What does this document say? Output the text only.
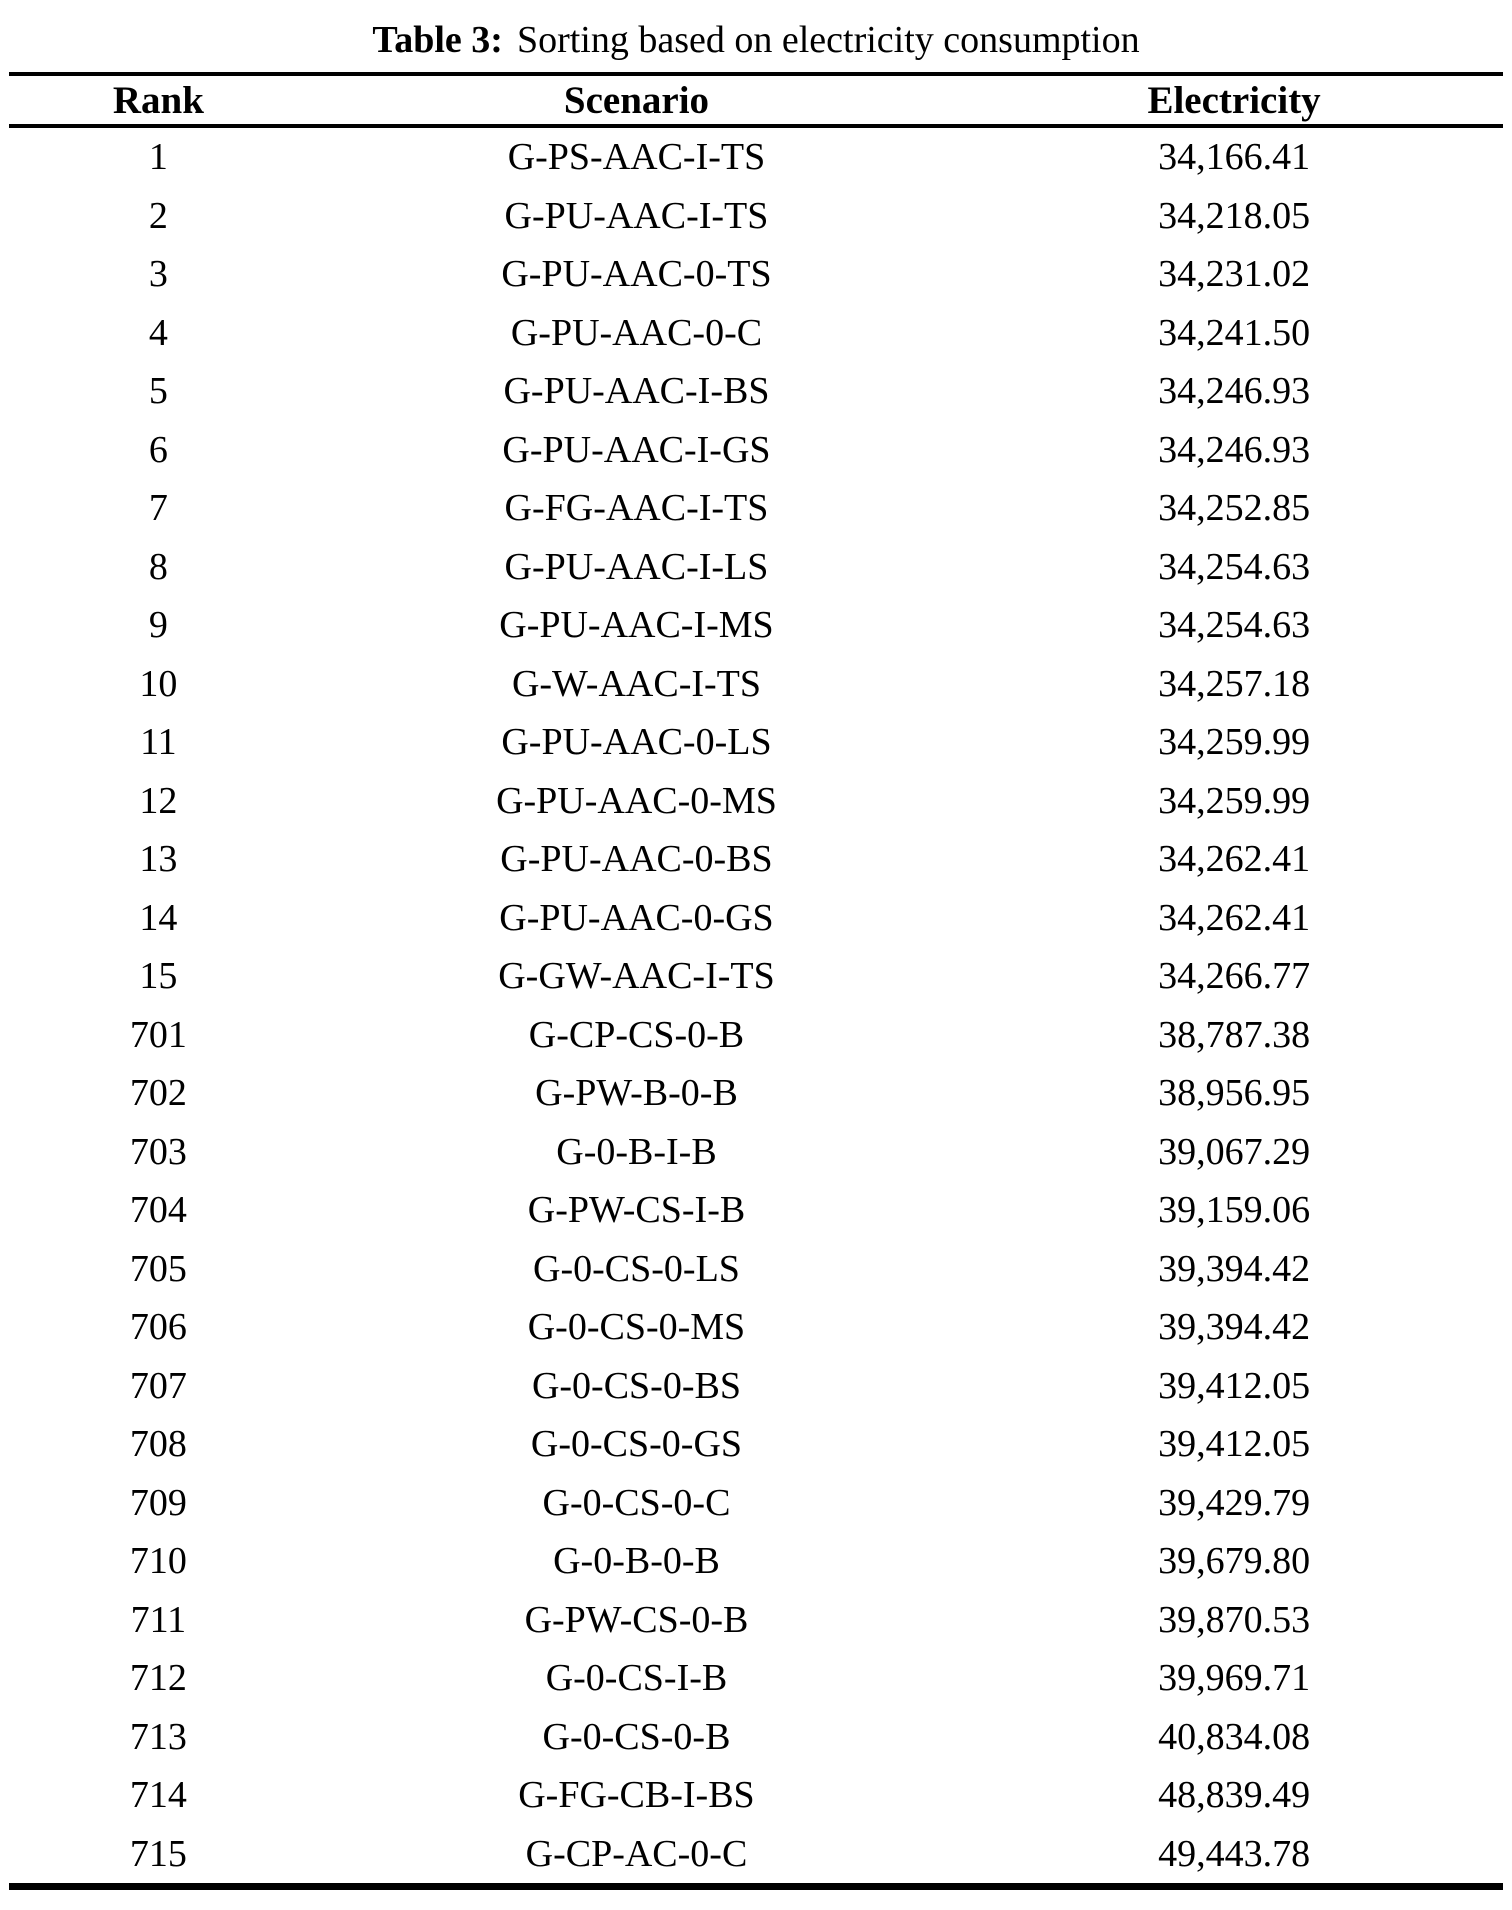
Table 3: Sorting based on electricity consumption
Rank	Scenario	Electricity
1	G-PS-AAC-I-TS	34,166.41
2	G-PU-AAC-I-TS	34,218.05
3	G-PU-AAC-0-TS	34,231.02
4	G-PU-AAC-0-C	34,241.50
5	G-PU-AAC-I-BS	34,246.93
6	G-PU-AAC-I-GS	34,246.93
7	G-FG-AAC-I-TS	34,252.85
8	G-PU-AAC-I-LS	34,254.63
9	G-PU-AAC-I-MS	34,254.63
10	G-W-AAC-I-TS	34,257.18
11	G-PU-AAC-0-LS	34,259.99
12	G-PU-AAC-0-MS	34,259.99
13	G-PU-AAC-0-BS	34,262.41
14	G-PU-AAC-0-GS	34,262.41
15	G-GW-AAC-I-TS	34,266.77
701	G-CP-CS-0-B	38,787.38
702	G-PW-B-0-B	38,956.95
703	G-0-B-I-B	39,067.29
704	G-PW-CS-I-B	39,159.06
705	G-0-CS-0-LS	39,394.42
706	G-0-CS-0-MS	39,394.42
707	G-0-CS-0-BS	39,412.05
708	G-0-CS-0-GS	39,412.05
709	G-0-CS-0-C	39,429.79
710	G-0-B-0-B	39,679.80
711	G-PW-CS-0-B	39,870.53
712	G-0-CS-I-B	39,969.71
713	G-0-CS-0-B	40,834.08
714	G-FG-CB-I-BS	48,839.49
715	G-CP-AC-0-C	49,443.78
